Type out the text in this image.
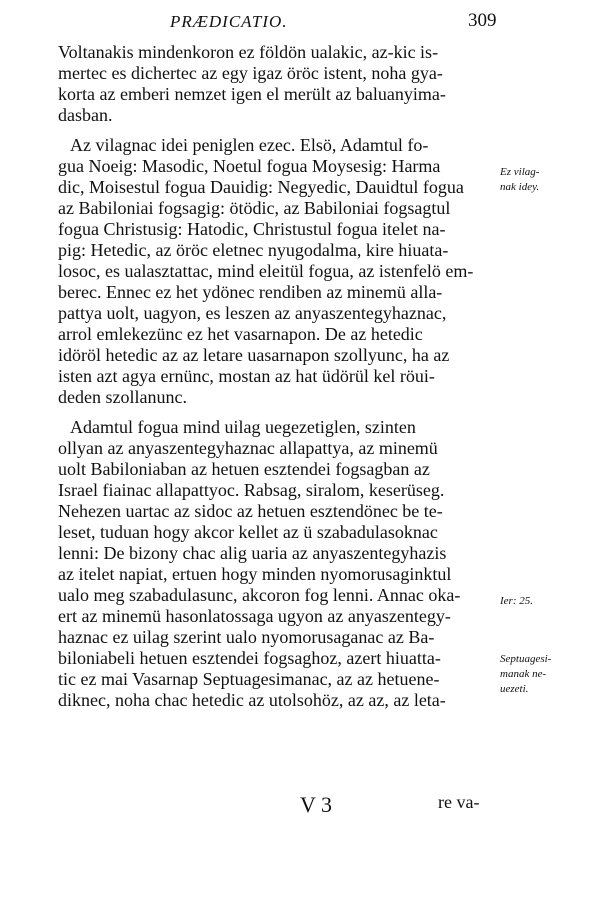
PRÆDICATIO.	309
Voltanakis mindenkoron ez földön ualakic, az-kic is-
mertec es dichertec az egy igaz öröc istent, noha gya-
korta az emberi nemzet igen el merült az baluanyima-
dasban.
Az vilagnac idei peniglen ezec. Elsö, Adamtul fo-
gua Noeig: Masodic, Noetul fogua Moysesig: Harma
dic, Moisestul fogua Dauidig: Negyedic, Dauidtul fogua
az Babiloniai fogsagig: ötödic, az Babiloniai fogsagtul
fogua Christusig: Hatodic, Christustul fogua itelet na-
pig: Hetedic, az öröc eletnec nyugodalma, kire hiuata-
losoc, es ualasztattac, mind eleitül fogua, az istenfelö em-
berec. Ennec ez het ydönec rendiben az minemü alla-
pattya uolt, uagyon, es leszen az anyaszentegyhaznac,
arrol emlekezünc ez het vasarnapon. De az hetedic
idöröl hetedic az az letare uasarnapon szollyunc, ha az
isten azt agya ernünc, mostan az hat üdörül kel röui-
deden szollanunc.
Adamtul fogua mind uilag uegezetiglen, szinten
ollyan az anyaszentegyhaznac allapattya, az minemü
uolt Babiloniaban az hetuen esztendei fogsagban az
Israel fiainac allapattyoc. Rabsag, siralom, keserüseg.
Nehezen uartac az sidoc az hetuen esztendönec be te-
leset, tuduan hogy akcor kellet az ü szabadulasoknac
lenni: De bizony chac alig uaria az anyaszentegyhazis
az itelet napiat, ertuen hogy minden nyomorusaginktul
ualo meg szabadulasunc, akcoron fog lenni. Annac oka-
ert az minemü hasonlatossaga ugyon az anyaszentegy-
haznac ez uilag szerint ualo nyomorusaganac az Ba-
biloniabeli hetuen esztendei fogsaghoz, azert hiuatta-
tic ez mai Vasarnap Septuagesimanac, az az hetuene-
diknec, noha chac hetedic az utolsohöz, az az, az leta-
Ez vilag-
nak idey.
Ier: 25.
Septuagesi-
manak ne-
uezeti.
V 3	re va-
